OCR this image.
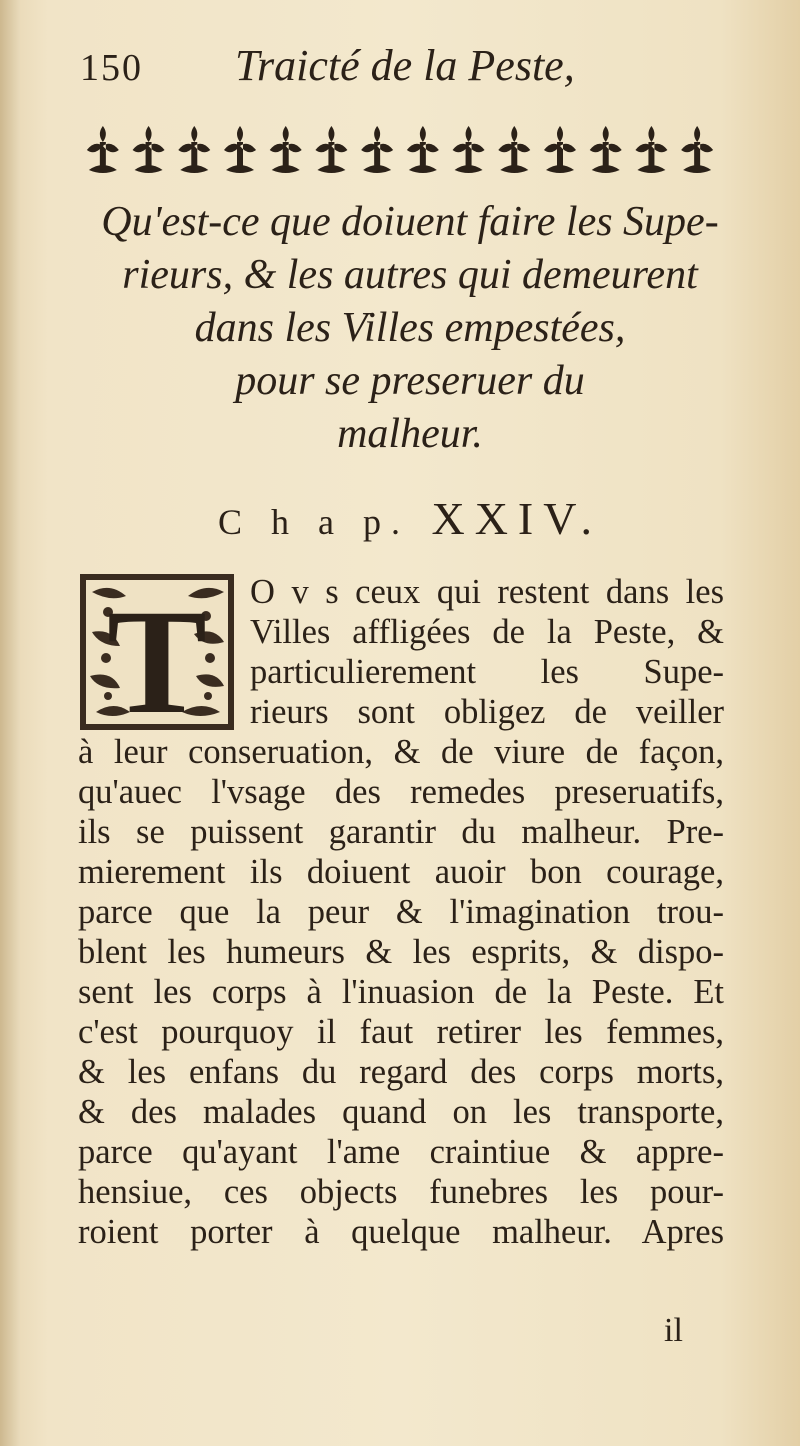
150 Traicté de la Peste,
Qu'est-ce que doiuent faire les Supe-
rieurs, & les autres qui demeurent
dans les Villes empestées,
pour se preseruer du
malheur.
C h a p. XXIV.
T O v s ceux qui restent dans les
Villes affligées de la Peste, &
particulierement les Supe-
rieurs sont obligez de veiller
à leur conseruation, & de viure de façon,
qu'auec l'vsage des remedes preseruatifs,
ils se puissent garantir du malheur. Pre-
mierement ils doiuent auoir bon courage,
parce que la peur & l'imagination trou-
blent les humeurs & les esprits, & dispo-
sent les corps à l'inuasion de la Peste. Et
c'est pourquoy il faut retirer les femmes,
& les enfans du regard des corps morts,
& des malades quand on les transporte,
parce qu'ayant l'ame craintiue & appre-
hensiue, ces objects funebres les pour-
roient porter à quelque malheur. Apres
il
